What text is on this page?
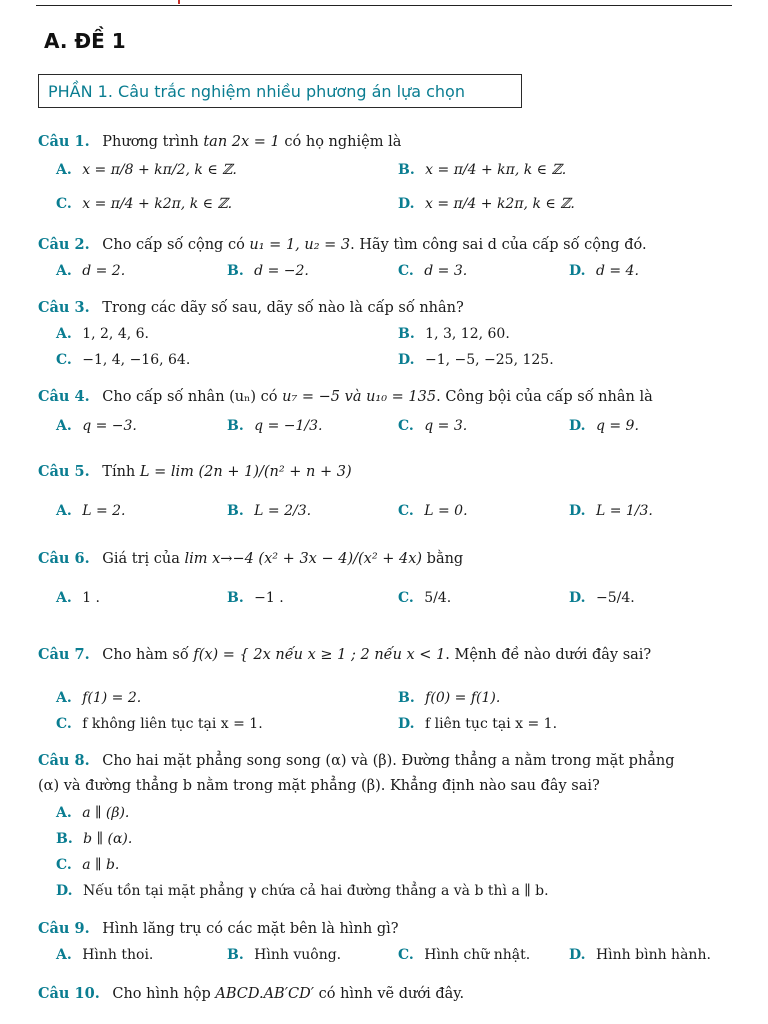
A. ĐỀ 1
PHẦN 1. Câu trắc nghiệm nhiều phương án lựa chọn
Câu 1. Phương trình tan 2x = 1 có họ nghiệm là
A. x = π/8 + kπ/2, k ∈ ℤ.	B. x = π/4 + kπ, k ∈ ℤ.
C. x = π/4 + k2π, k ∈ ℤ.	D. x = π/4 + k2π, k ∈ ℤ.
Câu 2. Cho cấp số cộng có u₁ = 1, u₂ = 3. Hãy tìm công sai d của cấp số cộng đó.
A. d = 2.	B. d = −2.	C. d = 3.	D. d = 4.
Câu 3. Trong các dãy số sau, dãy số nào là cấp số nhân?
A. 1, 2, 4, 6.	B. 1, 3, 12, 60.
C. −1, 4, −16, 64.	D. −1, −5, −25, 125.
Câu 4. Cho cấp số nhân (uₙ) có u₇ = −5 và u₁₀ = 135. Công bội của cấp số nhân là
A. q = −3.	B. q = −1/3.	C. q = 3.	D. q = 9.
Câu 5. Tính L = lim (2n + 1)/(n² + n + 3)
A. L = 2.	B. L = 2/3.	C. L = 0.	D. L = 1/3.
Câu 6. Giá trị của lim x→−4 (x² + 3x − 4)/(x² + 4x) bằng
A. 1 .	B. −1 .	C. 5/4.	D. −5/4.
Câu 7. Cho hàm số f(x) = { 2x nếu x ≥ 1 ; 2 nếu x < 1. Mệnh đề nào dưới đây sai?
A. f(1) = 2.	B. f(0) = f(1).
C. f không liên tục tại x = 1.	D. f liên tục tại x = 1.
Câu 8. Cho hai mặt phẳng song song (α) và (β). Đường thẳng a nằm trong mặt phẳng
(α) và đường thẳng b nằm trong mặt phẳng (β). Khẳng định nào sau đây sai?
A. a ∥ (β).
B. b ∥ (α).
C. a ∥ b.
D. Nếu tồn tại mặt phẳng γ chứa cả hai đường thẳng a và b thì a ∥ b.
Câu 9. Hình lăng trụ có các mặt bên là hình gì?
A. Hình thoi.	B. Hình vuông.	C. Hình chữ nhật.	D. Hình bình hành.
Câu 10. Cho hình hộp ABCD.AB′CD′ có hình vẽ dưới đây.
